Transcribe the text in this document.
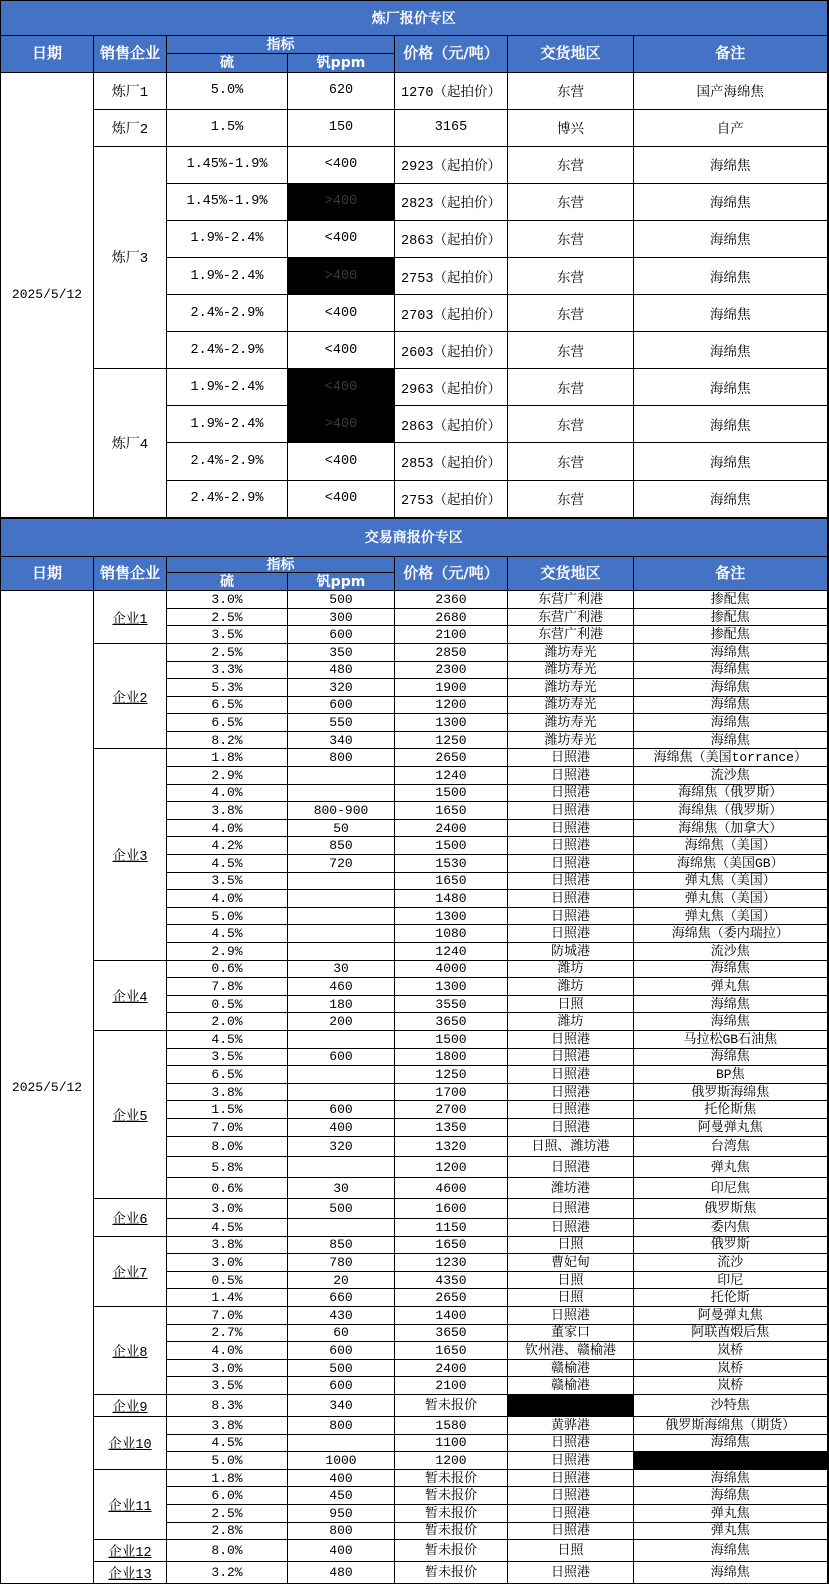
炼厂报价专区						
日期	销售企业	指标		价格（元/吨）	交货地区	备注
		硫	钒ppm			
2025/5/12	炼厂1	5.0%	620	1270（起拍价）	东营	国产海绵焦
	炼厂2	1.5%	150	3165	博兴	自产
	炼厂3	1.45%-1.9%	<400	2923（起拍价）	东营	海绵焦
		1.45%-1.9%	>400	2823（起拍价）	东营	海绵焦
		1.9%-2.4%	<400	2863（起拍价）	东营	海绵焦
		1.9%-2.4%	>400	2753（起拍价）	东营	海绵焦
		2.4%-2.9%	<400	2703（起拍价）	东营	海绵焦
		2.4%-2.9%	<400	2603（起拍价）	东营	海绵焦
	炼厂4	1.9%-2.4%	<400	2963（起拍价）	东营	海绵焦
		1.9%-2.4%	>400	2863（起拍价）	东营	海绵焦
		2.4%-2.9%	<400	2853（起拍价）	东营	海绵焦
		2.4%-2.9%	<400	2753（起拍价）	东营	海绵焦
交易商报价专区						
日期	销售企业	指标		价格（元/吨）	交货地区	备注
		硫	钒ppm			
2025/5/12	企业1	3.0%	500	2360	东营广利港	掺配焦
		2.5%	300	2680	东营广利港	掺配焦
		3.5%	600	2100	东营广利港	掺配焦
	企业2	2.5%	350	2850	潍坊寿光	海绵焦
		3.3%	480	2300	潍坊寿光	海绵焦
		5.3%	320	1900	潍坊寿光	海绵焦
		6.5%	600	1200	潍坊寿光	海绵焦
		6.5%	550	1300	潍坊寿光	海绵焦
		8.2%	340	1250	潍坊寿光	海绵焦
	企业3	1.8%	800	2650	日照港	海绵焦（美国torrance）
		2.9%		1240	日照港	流沙焦
		4.0%		1500	日照港	海绵焦（俄罗斯）
		3.8%	800-900	1650	日照港	海绵焦（俄罗斯）
		4.0%	50	2400	日照港	海绵焦（加拿大）
		4.2%	850	1500	日照港	海绵焦（美国）
		4.5%	720	1530	日照港	海绵焦（美国GB）
		3.5%		1650	日照港	弹丸焦（美国）
		4.0%		1480	日照港	弹丸焦（美国）
		5.0%		1300	日照港	弹丸焦（美国）
		4.5%		1080	日照港	海绵焦（委内瑞拉）
		2.9%		1240	防城港	流沙焦
	企业4	0.6%	30	4000	潍坊	海绵焦
		7.8%	460	1300	潍坊	弹丸焦
		0.5%	180	3550	日照	海绵焦
		2.0%	200	3650	潍坊	海绵焦
	企业5	4.5%		1500	日照港	马拉松GB石油焦
		3.5%	600	1800	日照港	海绵焦
		6.5%		1250	日照港	BP焦
		3.8%		1700	日照港	俄罗斯海绵焦
		1.5%	600	2700	日照港	托伦斯焦
		7.0%	400	1350	日照港	阿曼弹丸焦
		8.0%	320	1320	日照、潍坊港	台湾焦
		5.8%		1200	日照港	弹丸焦
		0.6%	30	4600	潍坊港	印尼焦
	企业6	3.0%	500	1600	日照港	俄罗斯焦
		4.5%		1150	日照港	委内焦
	企业7	3.8%	850	1650	日照	俄罗斯
		3.0%	780	1230	曹妃甸	流沙
		0.5%	20	4350	日照	印尼
		1.4%	660	2650	日照	托伦斯
	企业8	7.0%	430	1400	日照港	阿曼弹丸焦
		2.7%	60	3650	董家口	阿联酋煅后焦
		4.0%	600	1650	钦州港、赣榆港	岚桥
		3.0%	500	2400	赣榆港	岚桥
		3.5%	600	2100	赣榆港	岚桥
	企业9	8.3%	340	暂未报价		沙特焦
	企业10	3.8%	800	1580	黄骅港	俄罗斯海绵焦（期货）
		4.5%		1100	日照港	海绵焦
		5.0%	1000	1200	日照港	
	企业11	1.8%	400	暂未报价	日照港	海绵焦
		6.0%	450	暂未报价	日照港	海绵焦
		2.5%	950	暂未报价	日照港	弹丸焦
		2.8%	800	暂未报价	日照港	弹丸焦
	企业12	8.0%	400	暂未报价	日照	海绵焦
	企业13	3.2%	480	暂未报价	日照港	海绵焦
